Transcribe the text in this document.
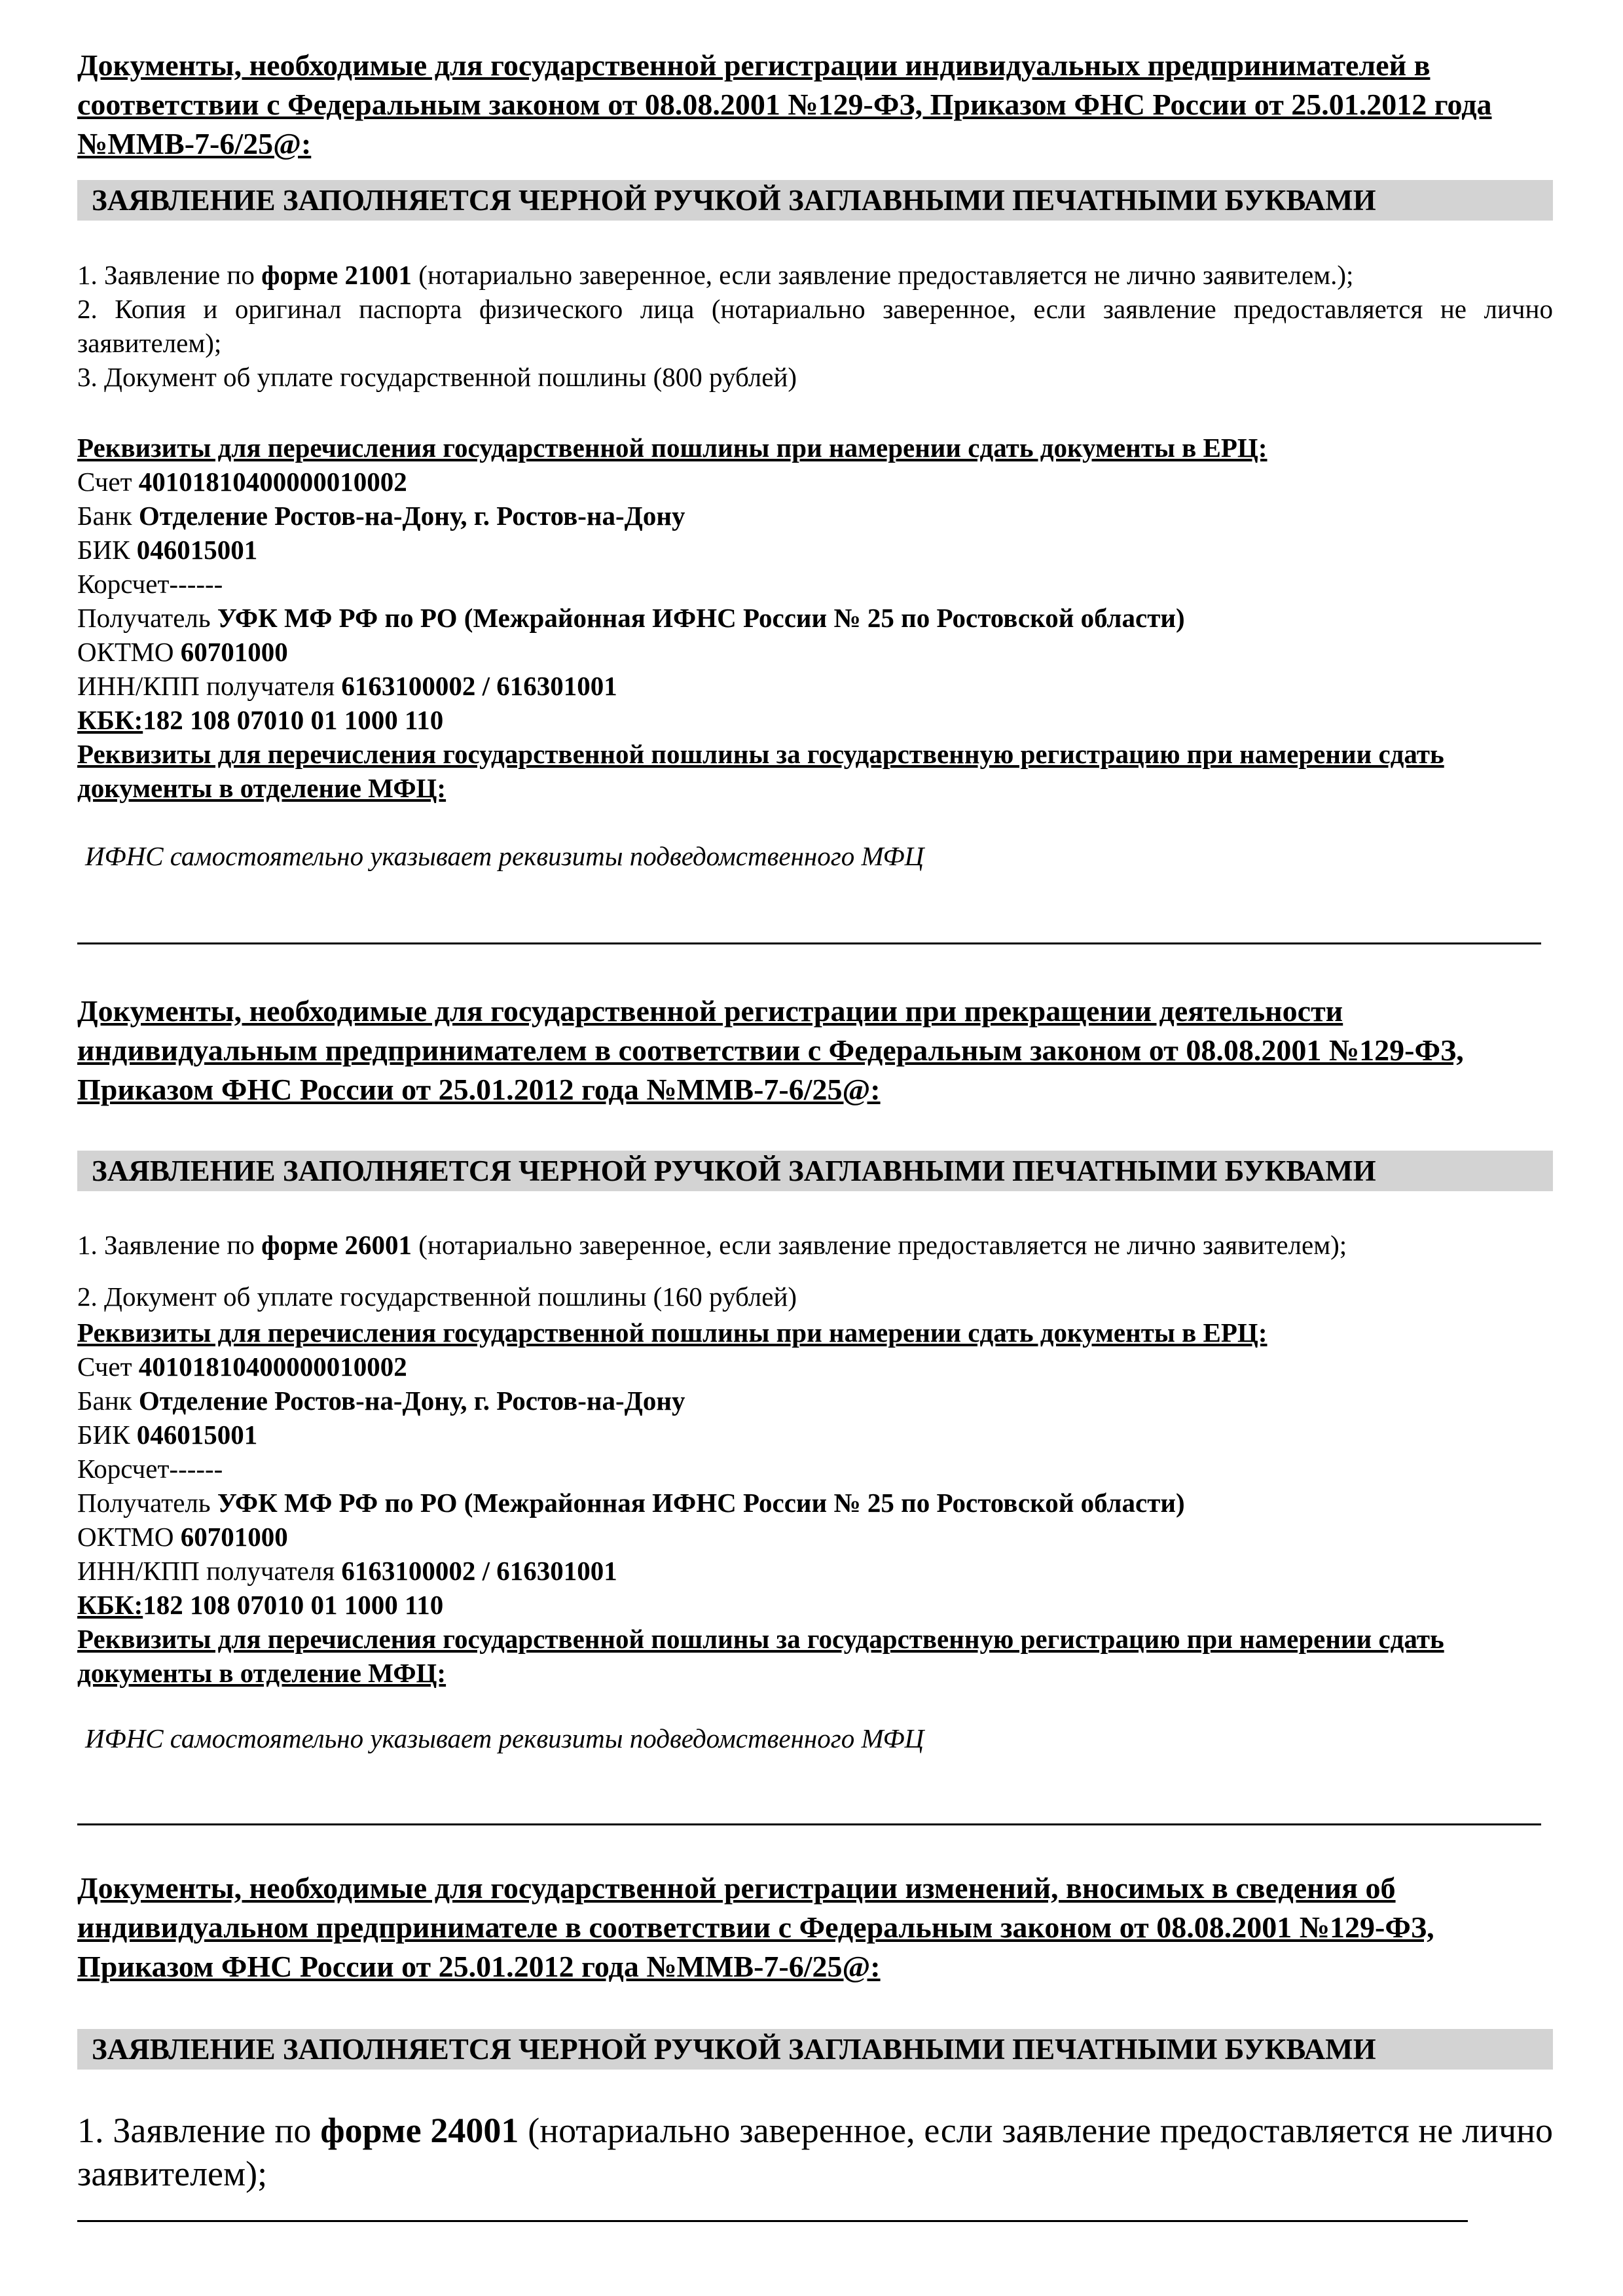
Документы, необходимые для государственной регистрации индивидуальных предпринимателей в соответствии с Федеральным законом от 08.08.2001 №129-ФЗ, Приказом ФНС России от 25.01.2012 года №ММВ-7-6/25@:
ЗАЯВЛЕНИЕ ЗАПОЛНЯЕТСЯ ЧЕРНОЙ РУЧКОЙ ЗАГЛАВНЫМИ ПЕЧАТНЫМИ БУКВАМИ
1. Заявление по форме 21001 (нотариально заверенное, если заявление предоставляется не лично заявителем.);
2. Копия и оригинал паспорта физического лица (нотариально заверенное, если заявление предоставляется не лично заявителем);
3. Документ об уплате государственной пошлины (800 рублей)
Реквизиты для перечисления государственной пошлины при намерении сдать документы в ЕРЦ:
Счет 40101810400000010002
Банк Отделение Ростов-на-Дону, г. Ростов-на-Дону
БИК 046015001
Корсчет------
Получатель УФК МФ РФ по РО (Межрайонная ИФНС России № 25 по Ростовской области)
ОКТМО 60701000
ИНН/КПП получателя 6163100002 / 616301001
КБК:182 108 07010 01 1000 110
Реквизиты для перечисления государственной пошлины за государственную регистрацию при намерении сдать документы в отделение МФЦ:
ИФНС самостоятельно указывает реквизиты подведомственного МФЦ
Документы, необходимые для государственной регистрации при прекращении деятельности индивидуальным предпринимателем в соответствии с Федеральным законом от 08.08.2001 №129-ФЗ, Приказом ФНС России от 25.01.2012 года №ММВ-7-6/25@:
ЗАЯВЛЕНИЕ ЗАПОЛНЯЕТСЯ ЧЕРНОЙ РУЧКОЙ ЗАГЛАВНЫМИ ПЕЧАТНЫМИ БУКВАМИ
1. Заявление по форме 26001 (нотариально заверенное, если заявление предоставляется не лично заявителем);
2. Документ об уплате государственной пошлины (160 рублей)
Реквизиты для перечисления государственной пошлины при намерении сдать документы в ЕРЦ:
Счет 40101810400000010002
Банк Отделение Ростов-на-Дону, г. Ростов-на-Дону
БИК 046015001
Корсчет------
Получатель УФК МФ РФ по РО (Межрайонная ИФНС России № 25 по Ростовской области)
ОКТМО 60701000
ИНН/КПП получателя 6163100002 / 616301001
КБК:182 108 07010 01 1000 110
Реквизиты для перечисления государственной пошлины за государственную регистрацию при намерении сдать документы в отделение МФЦ:
ИФНС самостоятельно указывает реквизиты подведомственного МФЦ
Документы, необходимые для государственной регистрации изменений, вносимых в сведения об индивидуальном предпринимателе в соответствии с Федеральным законом от 08.08.2001 №129-ФЗ, Приказом ФНС России от 25.01.2012 года №ММВ-7-6/25@:
ЗАЯВЛЕНИЕ ЗАПОЛНЯЕТСЯ ЧЕРНОЙ РУЧКОЙ ЗАГЛАВНЫМИ ПЕЧАТНЫМИ БУКВАМИ
1. Заявление по форме 24001 (нотариально заверенное, если заявление предоставляется не лично заявителем);
